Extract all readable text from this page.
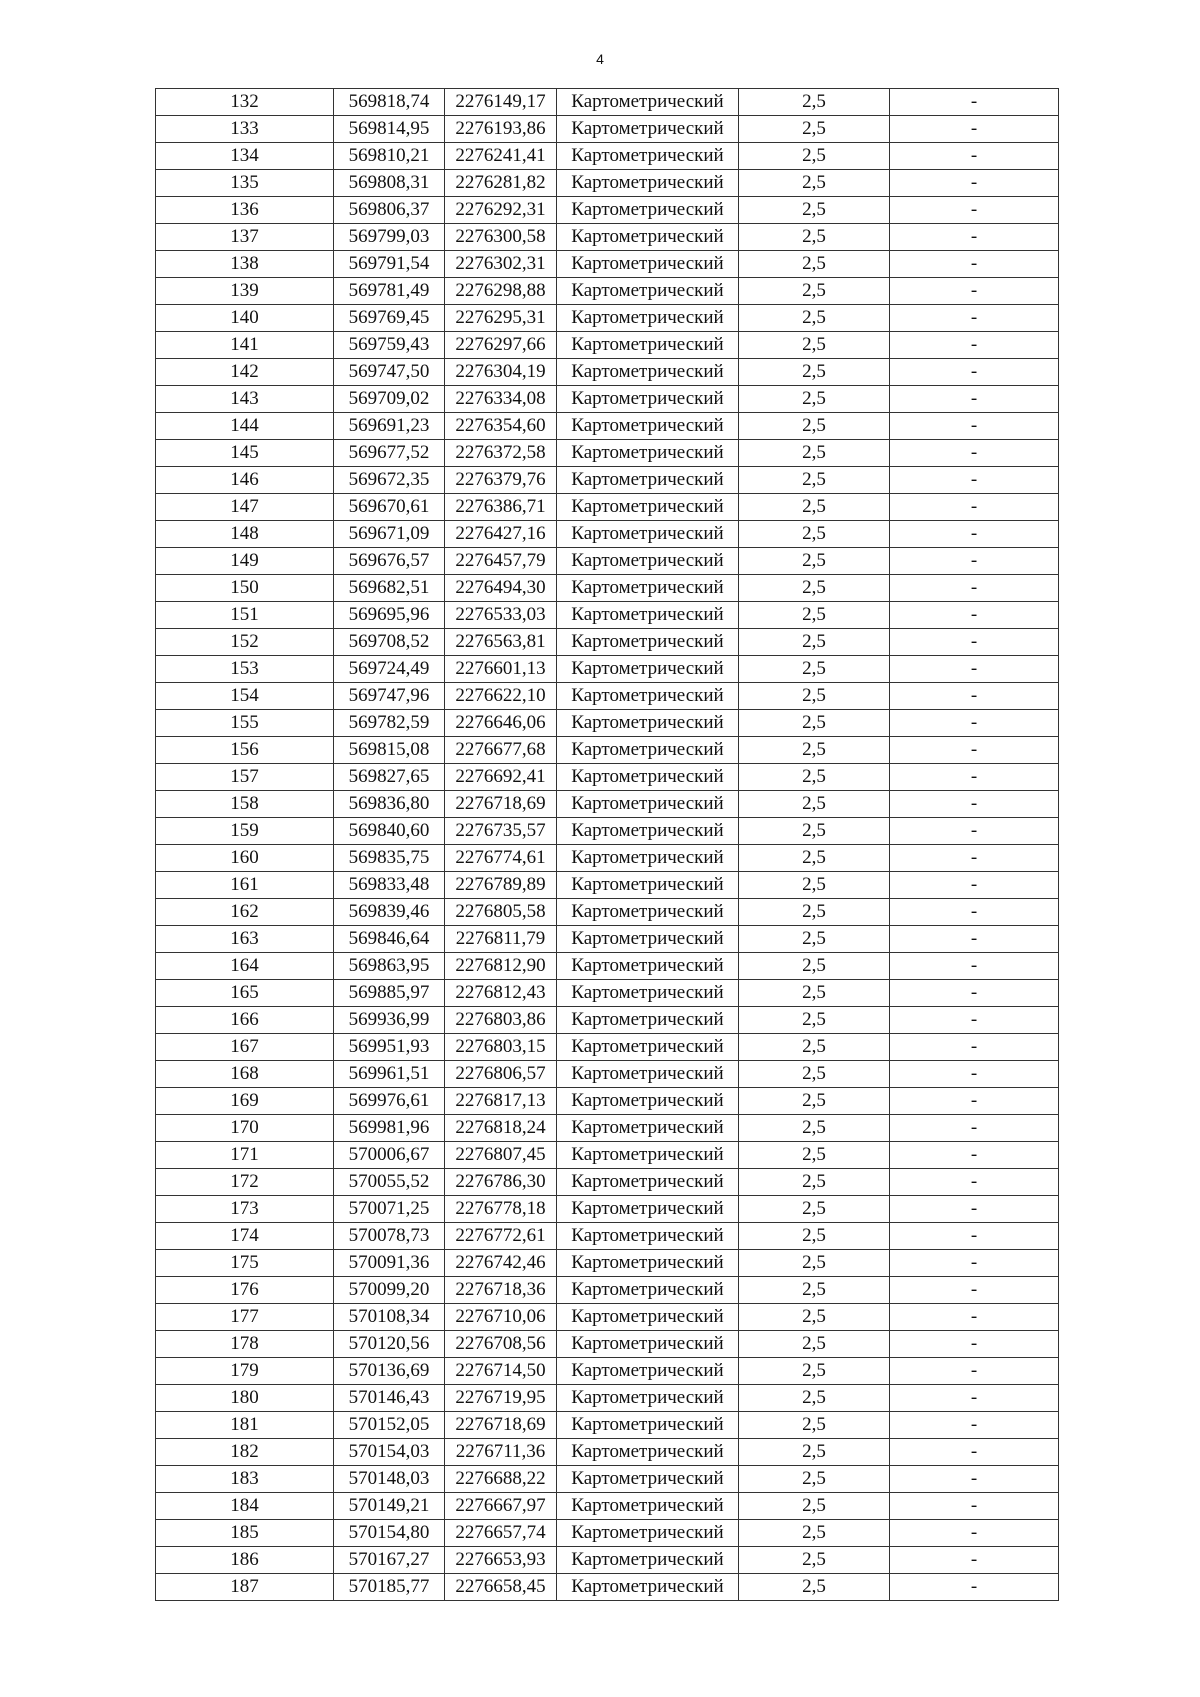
4
132	569818,74	2276149,17	Картометрический	2,5	-
133	569814,95	2276193,86	Картометрический	2,5	-
134	569810,21	2276241,41	Картометрический	2,5	-
135	569808,31	2276281,82	Картометрический	2,5	-
136	569806,37	2276292,31	Картометрический	2,5	-
137	569799,03	2276300,58	Картометрический	2,5	-
138	569791,54	2276302,31	Картометрический	2,5	-
139	569781,49	2276298,88	Картометрический	2,5	-
140	569769,45	2276295,31	Картометрический	2,5	-
141	569759,43	2276297,66	Картометрический	2,5	-
142	569747,50	2276304,19	Картометрический	2,5	-
143	569709,02	2276334,08	Картометрический	2,5	-
144	569691,23	2276354,60	Картометрический	2,5	-
145	569677,52	2276372,58	Картометрический	2,5	-
146	569672,35	2276379,76	Картометрический	2,5	-
147	569670,61	2276386,71	Картометрический	2,5	-
148	569671,09	2276427,16	Картометрический	2,5	-
149	569676,57	2276457,79	Картометрический	2,5	-
150	569682,51	2276494,30	Картометрический	2,5	-
151	569695,96	2276533,03	Картометрический	2,5	-
152	569708,52	2276563,81	Картометрический	2,5	-
153	569724,49	2276601,13	Картометрический	2,5	-
154	569747,96	2276622,10	Картометрический	2,5	-
155	569782,59	2276646,06	Картометрический	2,5	-
156	569815,08	2276677,68	Картометрический	2,5	-
157	569827,65	2276692,41	Картометрический	2,5	-
158	569836,80	2276718,69	Картометрический	2,5	-
159	569840,60	2276735,57	Картометрический	2,5	-
160	569835,75	2276774,61	Картометрический	2,5	-
161	569833,48	2276789,89	Картометрический	2,5	-
162	569839,46	2276805,58	Картометрический	2,5	-
163	569846,64	2276811,79	Картометрический	2,5	-
164	569863,95	2276812,90	Картометрический	2,5	-
165	569885,97	2276812,43	Картометрический	2,5	-
166	569936,99	2276803,86	Картометрический	2,5	-
167	569951,93	2276803,15	Картометрический	2,5	-
168	569961,51	2276806,57	Картометрический	2,5	-
169	569976,61	2276817,13	Картометрический	2,5	-
170	569981,96	2276818,24	Картометрический	2,5	-
171	570006,67	2276807,45	Картометрический	2,5	-
172	570055,52	2276786,30	Картометрический	2,5	-
173	570071,25	2276778,18	Картометрический	2,5	-
174	570078,73	2276772,61	Картометрический	2,5	-
175	570091,36	2276742,46	Картометрический	2,5	-
176	570099,20	2276718,36	Картометрический	2,5	-
177	570108,34	2276710,06	Картометрический	2,5	-
178	570120,56	2276708,56	Картометрический	2,5	-
179	570136,69	2276714,50	Картометрический	2,5	-
180	570146,43	2276719,95	Картометрический	2,5	-
181	570152,05	2276718,69	Картометрический	2,5	-
182	570154,03	2276711,36	Картометрический	2,5	-
183	570148,03	2276688,22	Картометрический	2,5	-
184	570149,21	2276667,97	Картометрический	2,5	-
185	570154,80	2276657,74	Картометрический	2,5	-
186	570167,27	2276653,93	Картометрический	2,5	-
187	570185,77	2276658,45	Картометрический	2,5	-
